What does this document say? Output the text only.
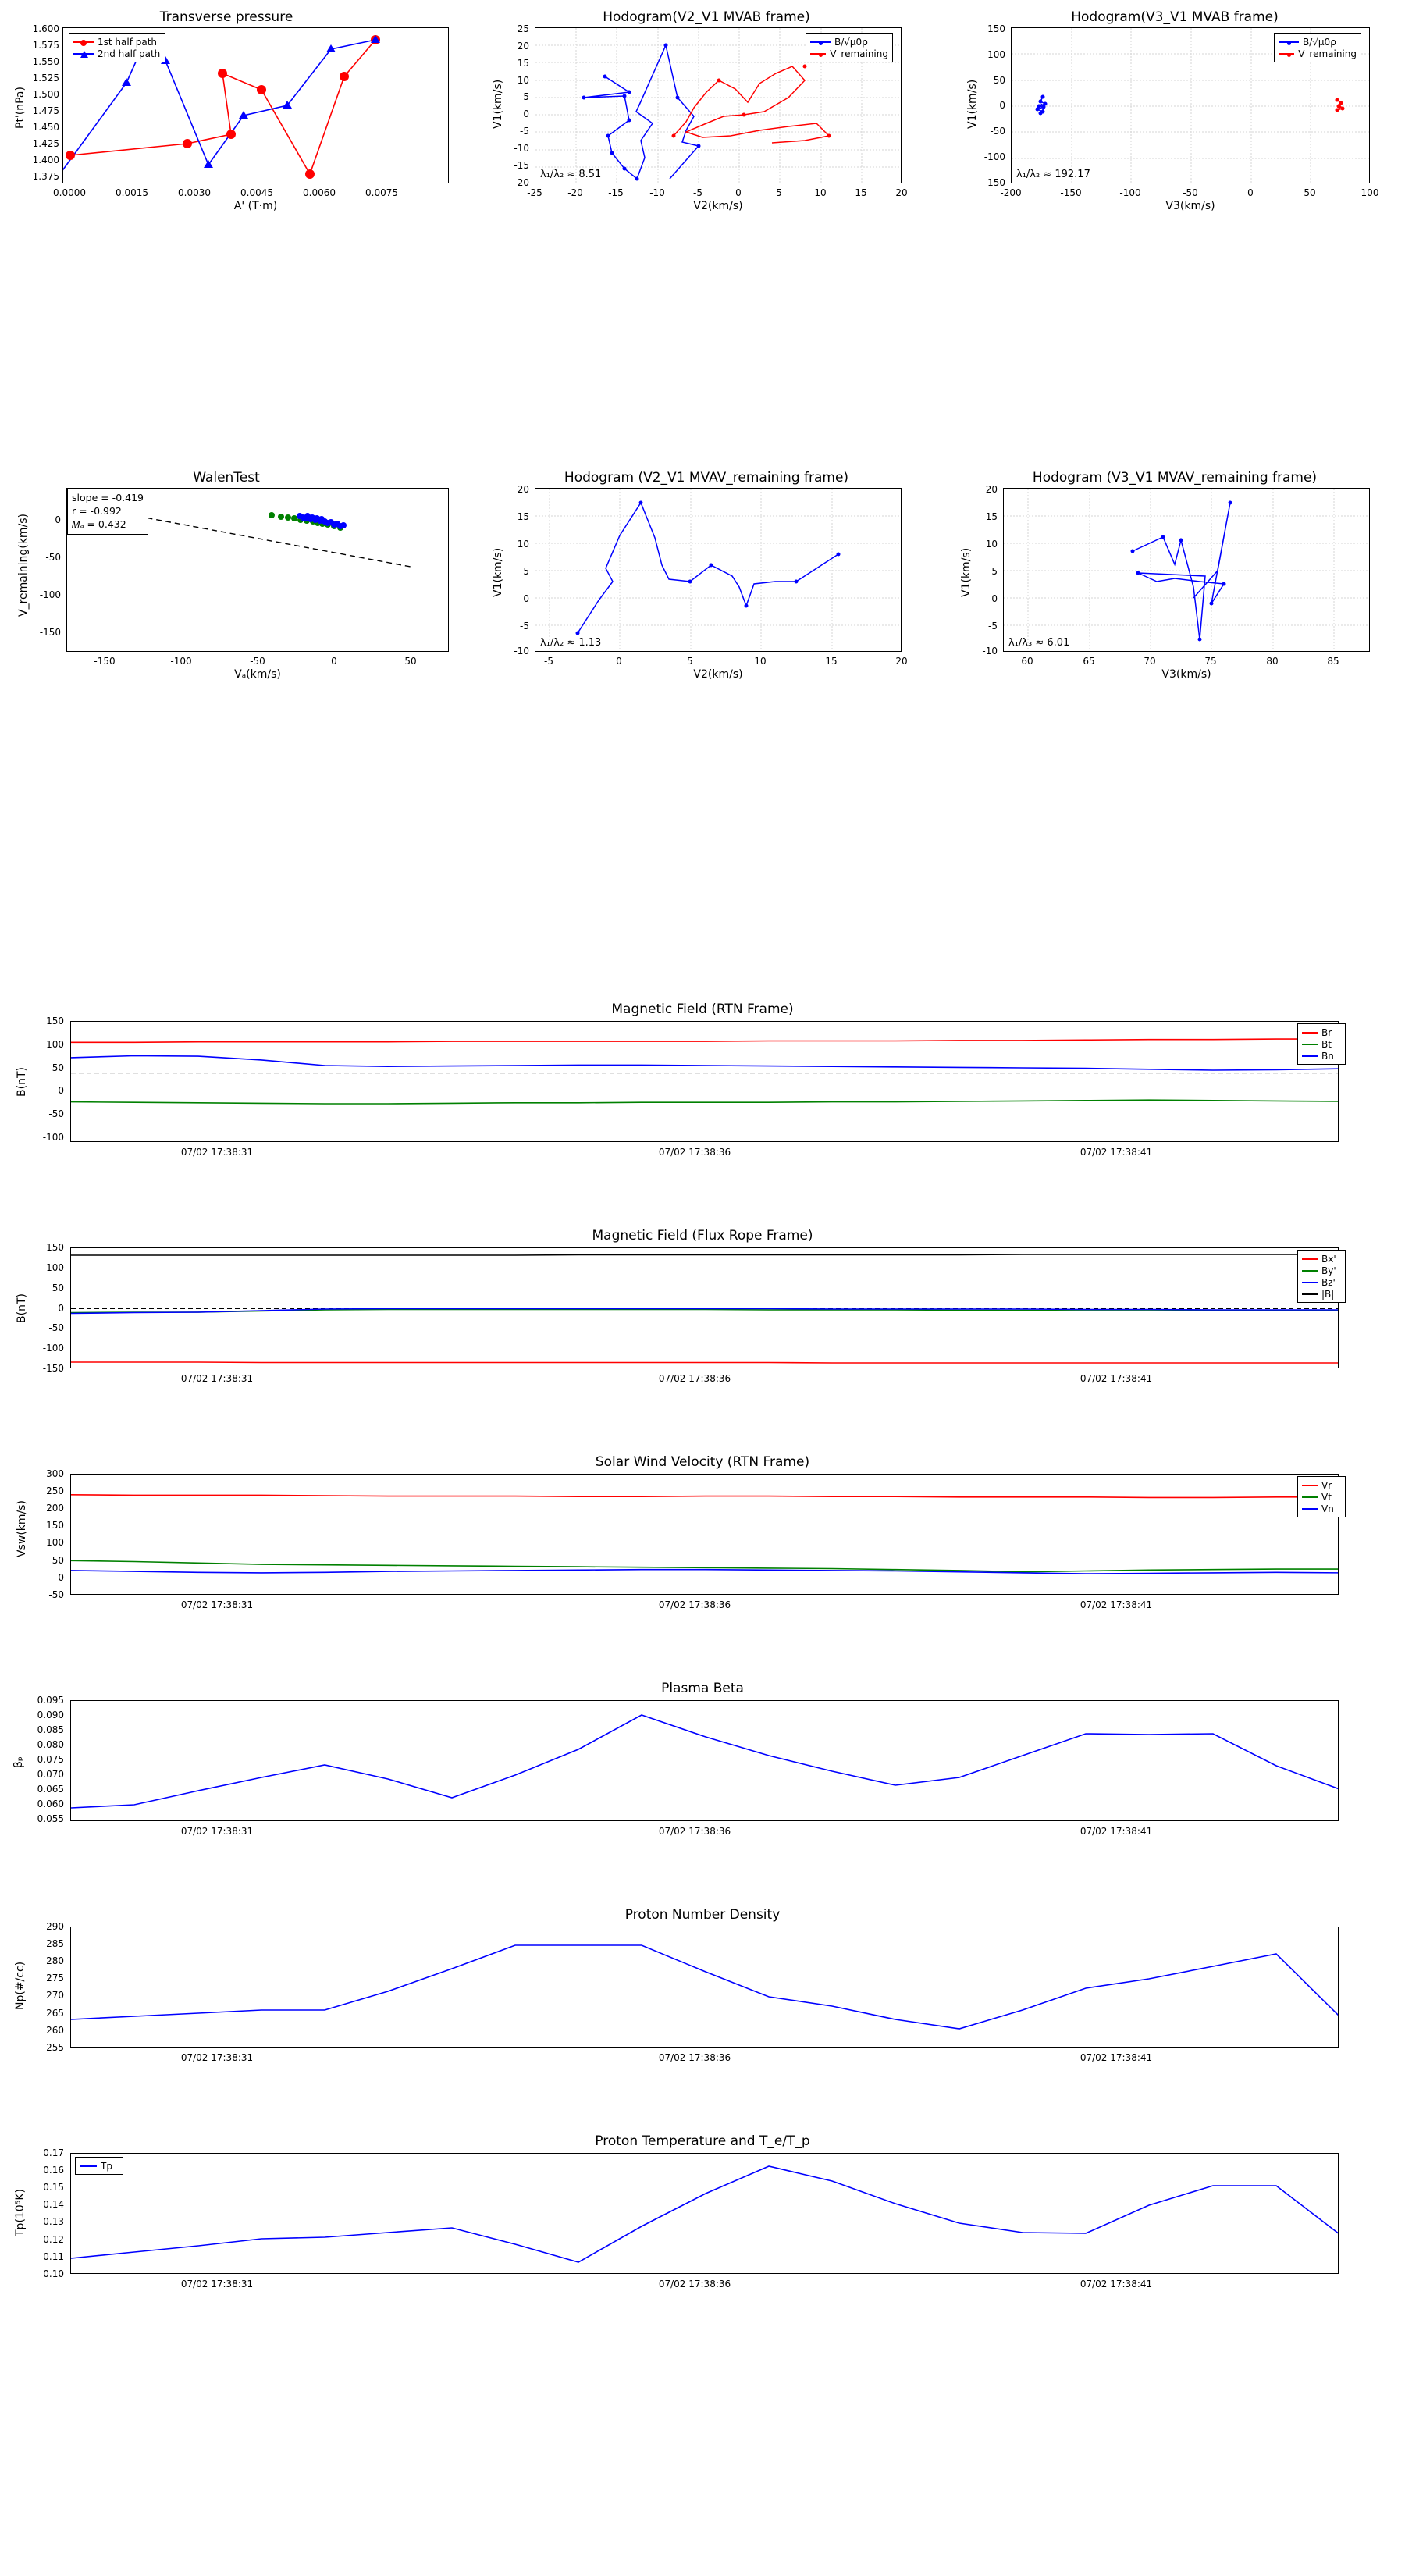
Transverse pressure
1st half path
2nd half path
1.600
1.575
1.550
1.525
1.500
1.475
1.450
1.425
1.400
1.375
0.0000	0.0015	0.0030	0.0045	0.0060	0.0075
A' (T·m)
Pt'(nPa)
Hodogram(V2_V1 MVAB frame)
B/√μ0ρ
V_remaining
λ₁/λ₂ ≈ 8.51
25
20
15
10
5
0
-5
-10
-15
-20
-25	-20	-15	-10	-5	0	5	10	15	20
V2(km/s)
V1(km/s)
Hodogram(V3_V1 MVAB frame)
B/√μ0ρ
V_remaining
λ₁/λ₂ ≈ 192.17
150
100
50
0
-50
-100
-150
-200	-150	-100	-50	0	50	100
V3(km/s)
V1(km/s)
WalenTest
slope = -0.419
r = -0.992
𝑀ₐ = 0.432
0
-50
-100
-150
-150	-100	-50	0	50
Vₐ(km/s)
V_remaining(km/s)
Hodogram (V2_V1 MVAV_remaining frame)
λ₁/λ₂ ≈ 1.13
20
15
10
5
0
-5
-10
-5	0	5	10	15	20
V2(km/s)
V1(km/s)
Hodogram (V3_V1 MVAV_remaining frame)
λ₁/λ₃ ≈ 6.01
20
15
10
5
0
-5
-10
60	65	70	75	80	85
V3(km/s)
V1(km/s)
Magnetic Field (RTN Frame)
Br
Bt
Bn
150
100
50
0
-50
-100
07/02 17:38:31	07/02 17:38:36	07/02 17:38:41
B(nT)
Magnetic Field (Flux Rope Frame)
Bx'
By'
Bz'
|B|
150
100
50
0
-50
-100
-150
07/02 17:38:31	07/02 17:38:36	07/02 17:38:41
B(nT)
Solar Wind Velocity (RTN Frame)
Vr
Vt
Vn
300
250
200
150
100
50
0
-50
07/02 17:38:31	07/02 17:38:36	07/02 17:38:41
Vsw(km/s)
Plasma Beta
0.095
0.090
0.085
0.080
0.075
0.070
0.065
0.060
0.055
07/02 17:38:31	07/02 17:38:36	07/02 17:38:41
βₚ
Proton Number Density
290
285
280
275
270
265
260
255
07/02 17:38:31	07/02 17:38:36	07/02 17:38:41
Np(#/cc)
Proton Temperature and T_e/T_p
Tp
0.17
0.16
0.15
0.14
0.13
0.12
0.11
0.10
07/02 17:38:31	07/02 17:38:36	07/02 17:38:41
Tp(10⁵K)
